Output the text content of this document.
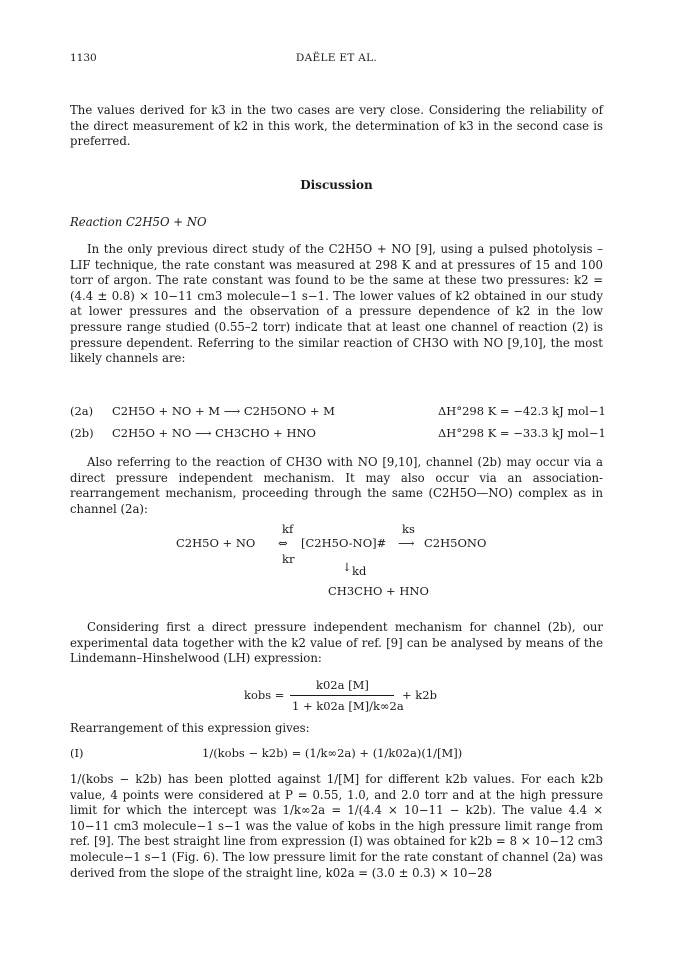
1130	DAËLE ET AL.

The values derived for k3 in the two cases are very close. Considering the reliability of the direct measurement of k2 in this work, the determination of k3 in the second case is preferred.

Discussion
Reaction C2H5O + NO

In the only previous direct study of the C2H5O + NO [9], using a pulsed photolysis – LIF technique, the rate constant was measured at 298 K and at pressures of 15 and 100 torr of argon. The rate constant was found to be the same at these two pressures: k2 = (4.4 ± 0.8) × 10−11 cm3 molecule−1 s−1. The lower values of k2 obtained in our study at lower pressures and the observation of a pressure dependence of k2 in the low pressure range studied (0.55–2 torr) indicate that at least one channel of reaction (2) is pressure dependent. Referring to the similar reaction of CH3O with NO [9,10], the most likely channels are:

(2a) C2H5O + NO + M ⟶ C2H5ONO + M	ΔH°298 K = −42.3 kJ mol−1
(2b) C2H5O + NO ⟶ CH3CHO + HNO	ΔH°298 K = −33.3 kJ mol−1

Also referring to the reaction of CH3O with NO [9,10], channel (2b) may occur via a direct pressure independent mechanism. It may also occur via an association-rearrangement mechanism, proceeding through the same (C2H5O—NO) complex as in channel (2a):

C2H5O + NO
kf
⇔
kr
[C2H5O-NO]#
ks
⟶ C2H5ONO
↓ kd
CH3CHO + HNO

Considering first a direct pressure independent mechanism for channel (2b), our experimental data together with the k2 value of ref. [9] can be analysed by means of the Lindemann–Hinshelwood (LH) expression:

kobs =
k02a [M]
1 + k02a [M]/k∞2a
+ k2b

Rearrangement of this expression gives:

(I)	1/(kobs − k2b) = (1/k∞2a) + (1/k02a)(1/[M])

1/(kobs − k2b) has been plotted against 1/[M] for different k2b values. For each k2b value, 4 points were considered at P = 0.55, 1.0, and 2.0 torr and at the high pressure limit for which the intercept was 1/k∞2a = 1/(4.4 × 10−11 − k2b). The value 4.4 × 10−11 cm3 molecule−1 s−1 was the value of kobs in the high pressure limit range from ref. [9]. The best straight line from expression (I) was obtained for k2b = 8 × 10−12 cm3 molecule−1 s−1 (Fig. 6). The low pressure limit for the rate constant of channel (2a) was derived from the slope of the straight line, k02a = (3.0 ± 0.3) × 10−28
